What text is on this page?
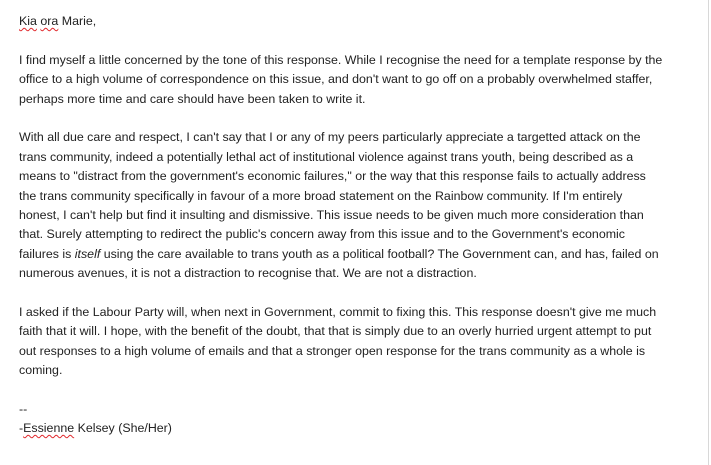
Kia ora Marie,
I find myself a little concerned by the tone of this response. While I recognise the need for a template response by the
office to a high volume of correspondence on this issue, and don't want to go off on a probably overwhelmed staffer,
perhaps more time and care should have been taken to write it.
With all due care and respect, I can't say that I or any of my peers particularly appreciate a targetted attack on the
trans community, indeed a potentially lethal act of institutional violence against trans youth, being described as a
means to "distract from the government's economic failures," or the way that this response fails to actually address
the trans community specifically in favour of a more broad statement on the Rainbow community. If I'm entirely
honest, I can't help but find it insulting and dismissive. This issue needs to be given much more consideration than
that. Surely attempting to redirect the public's concern away from this issue and to the Government's economic
failures is itself using the care available to trans youth as a political football? The Government can, and has, failed on
numerous avenues, it is not a distraction to recognise that. We are not a distraction.
I asked if the Labour Party will, when next in Government, commit to fixing this. This response doesn't give me much
faith that it will. I hope, with the benefit of the doubt, that that is simply due to an overly hurried urgent attempt to put
out responses to a high volume of emails and that a stronger open response for the trans community as a whole is
coming.
--
-Essienne Kelsey (She/Her)
